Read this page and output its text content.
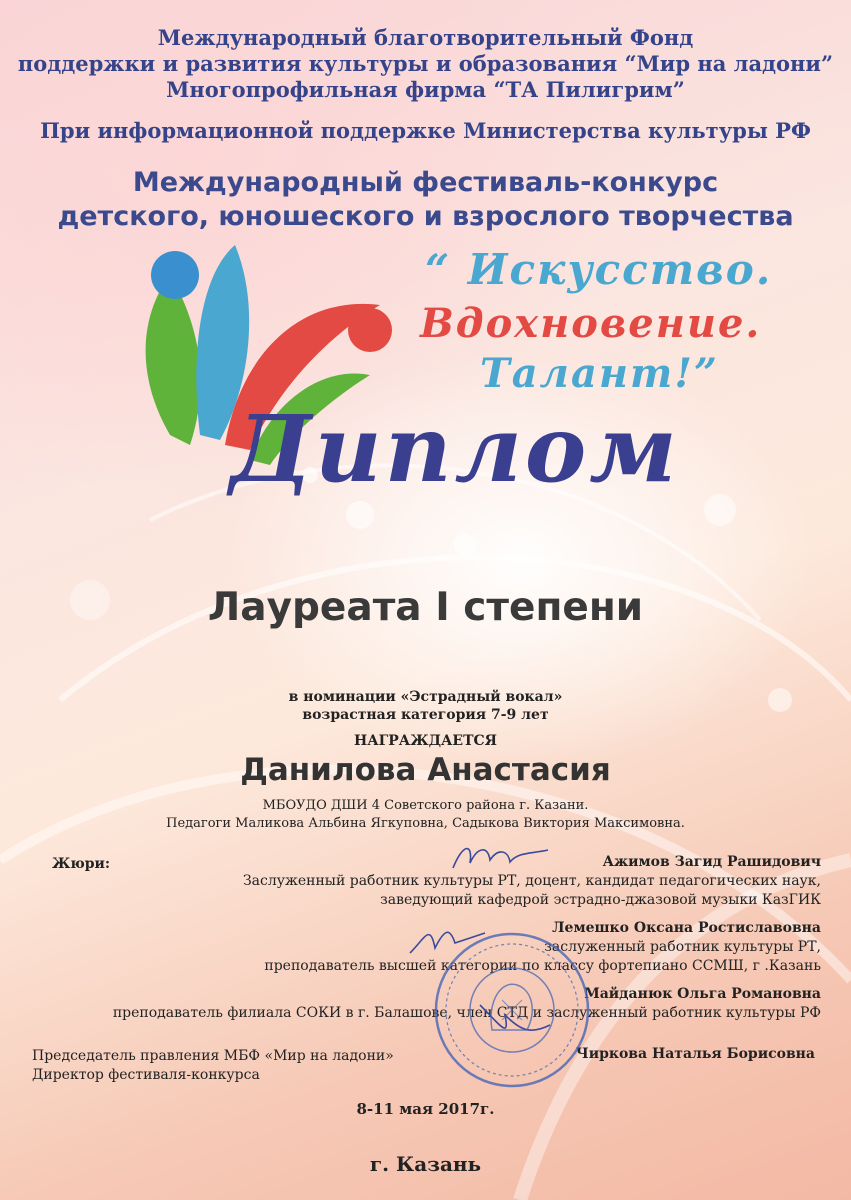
Международный благотворительный Фонд
поддержки и развития культуры и образования “Мир на ладони”
Многопрофильная фирма “ТА Пилигрим”
При информационной поддержке Министерства культуры РФ
Международный фестиваль-конкурс
детского, юношеского и взрослого творчества
“ Искусство.
Вдохновение.
Талант!”
Диплом
Лауреата I степени
в номинации «Эстрадный вокал»
возрастная категория 7-9 лет
НАГРАЖДАЕТСЯ
Данилова Анастасия
МБОУДО ДШИ 4 Советского района г. Казани.
Педагоги Маликова Альбина Ягкуповна, Садыкова Виктория Максимовна.
Жюри:	Ажимов Загид Рашидович
Заслуженный работник культуры РТ, доцент, кандидат педагогических наук,
заведующий кафедрой эстрадно-джазовой музыки КазГИК
Лемешко Оксана Ростиславовна
заслуженный работник культуры РТ,
преподаватель высшей категории по классу фортепиано ССМШ, г .Казань
Майданюк Ольга Романовна
преподаватель филиала СОКИ в г. Балашове, член СТД и заслуженный работник культуры РФ
Председатель правления МБФ «Мир на ладони»
Директор фестиваля-конкурса
Чиркова Наталья Борисовна
8-11 мая 2017г.
г. Казань
